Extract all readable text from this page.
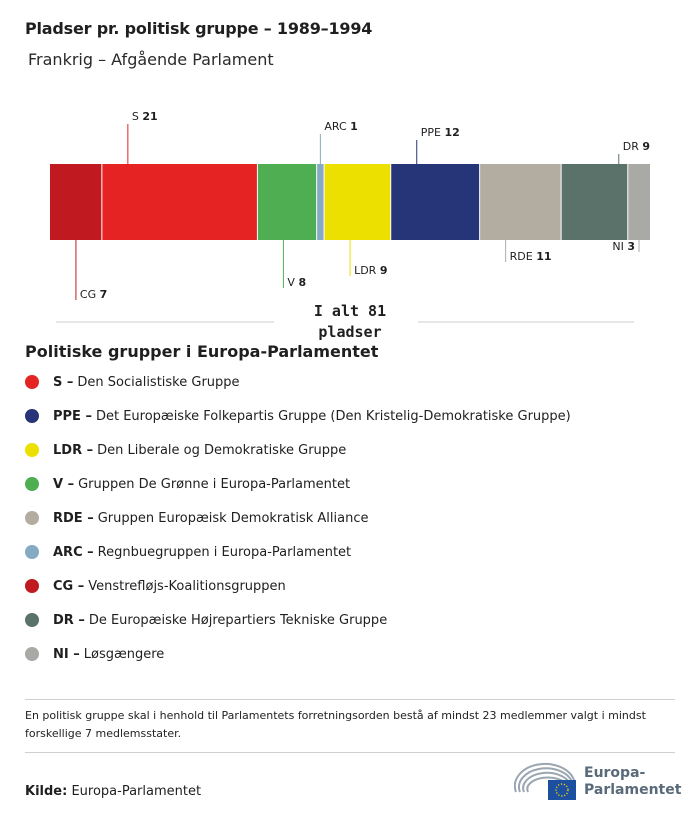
Pladser pr. politisk gruppe – 1989–1994
Frankrig – Afgående Parlament
CG 7
S 21
V 8
ARC 1
LDR 9
PPE 12
RDE 11
DR 9
NI 3
I alt 81 pladser
Politiske grupper i Europa-Parlamentet
S – Den Socialistiske Gruppe
PPE – Det Europæiske Folkepartis Gruppe (Den Kristelig-Demokratiske Gruppe)
LDR – Den Liberale og Demokratiske Gruppe
V – Gruppen De Grønne i Europa-Parlamentet
RDE – Gruppen Europæisk Demokratisk Alliance
ARC – Regnbuegruppen i Europa-Parlamentet
CG – Venstrefløjs-Koalitionsgruppen
DR – De Europæiske Højrepartiers Tekniske Gruppe
NI – Løsgængere
En politisk gruppe skal i henhold til Parlamentets forretningsorden bestå af mindst 23 medlemmer valgt i mindst forskellige 7 medlemsstater.
Kilde: Europa-Parlamentet
Europa-
Parlamentet
